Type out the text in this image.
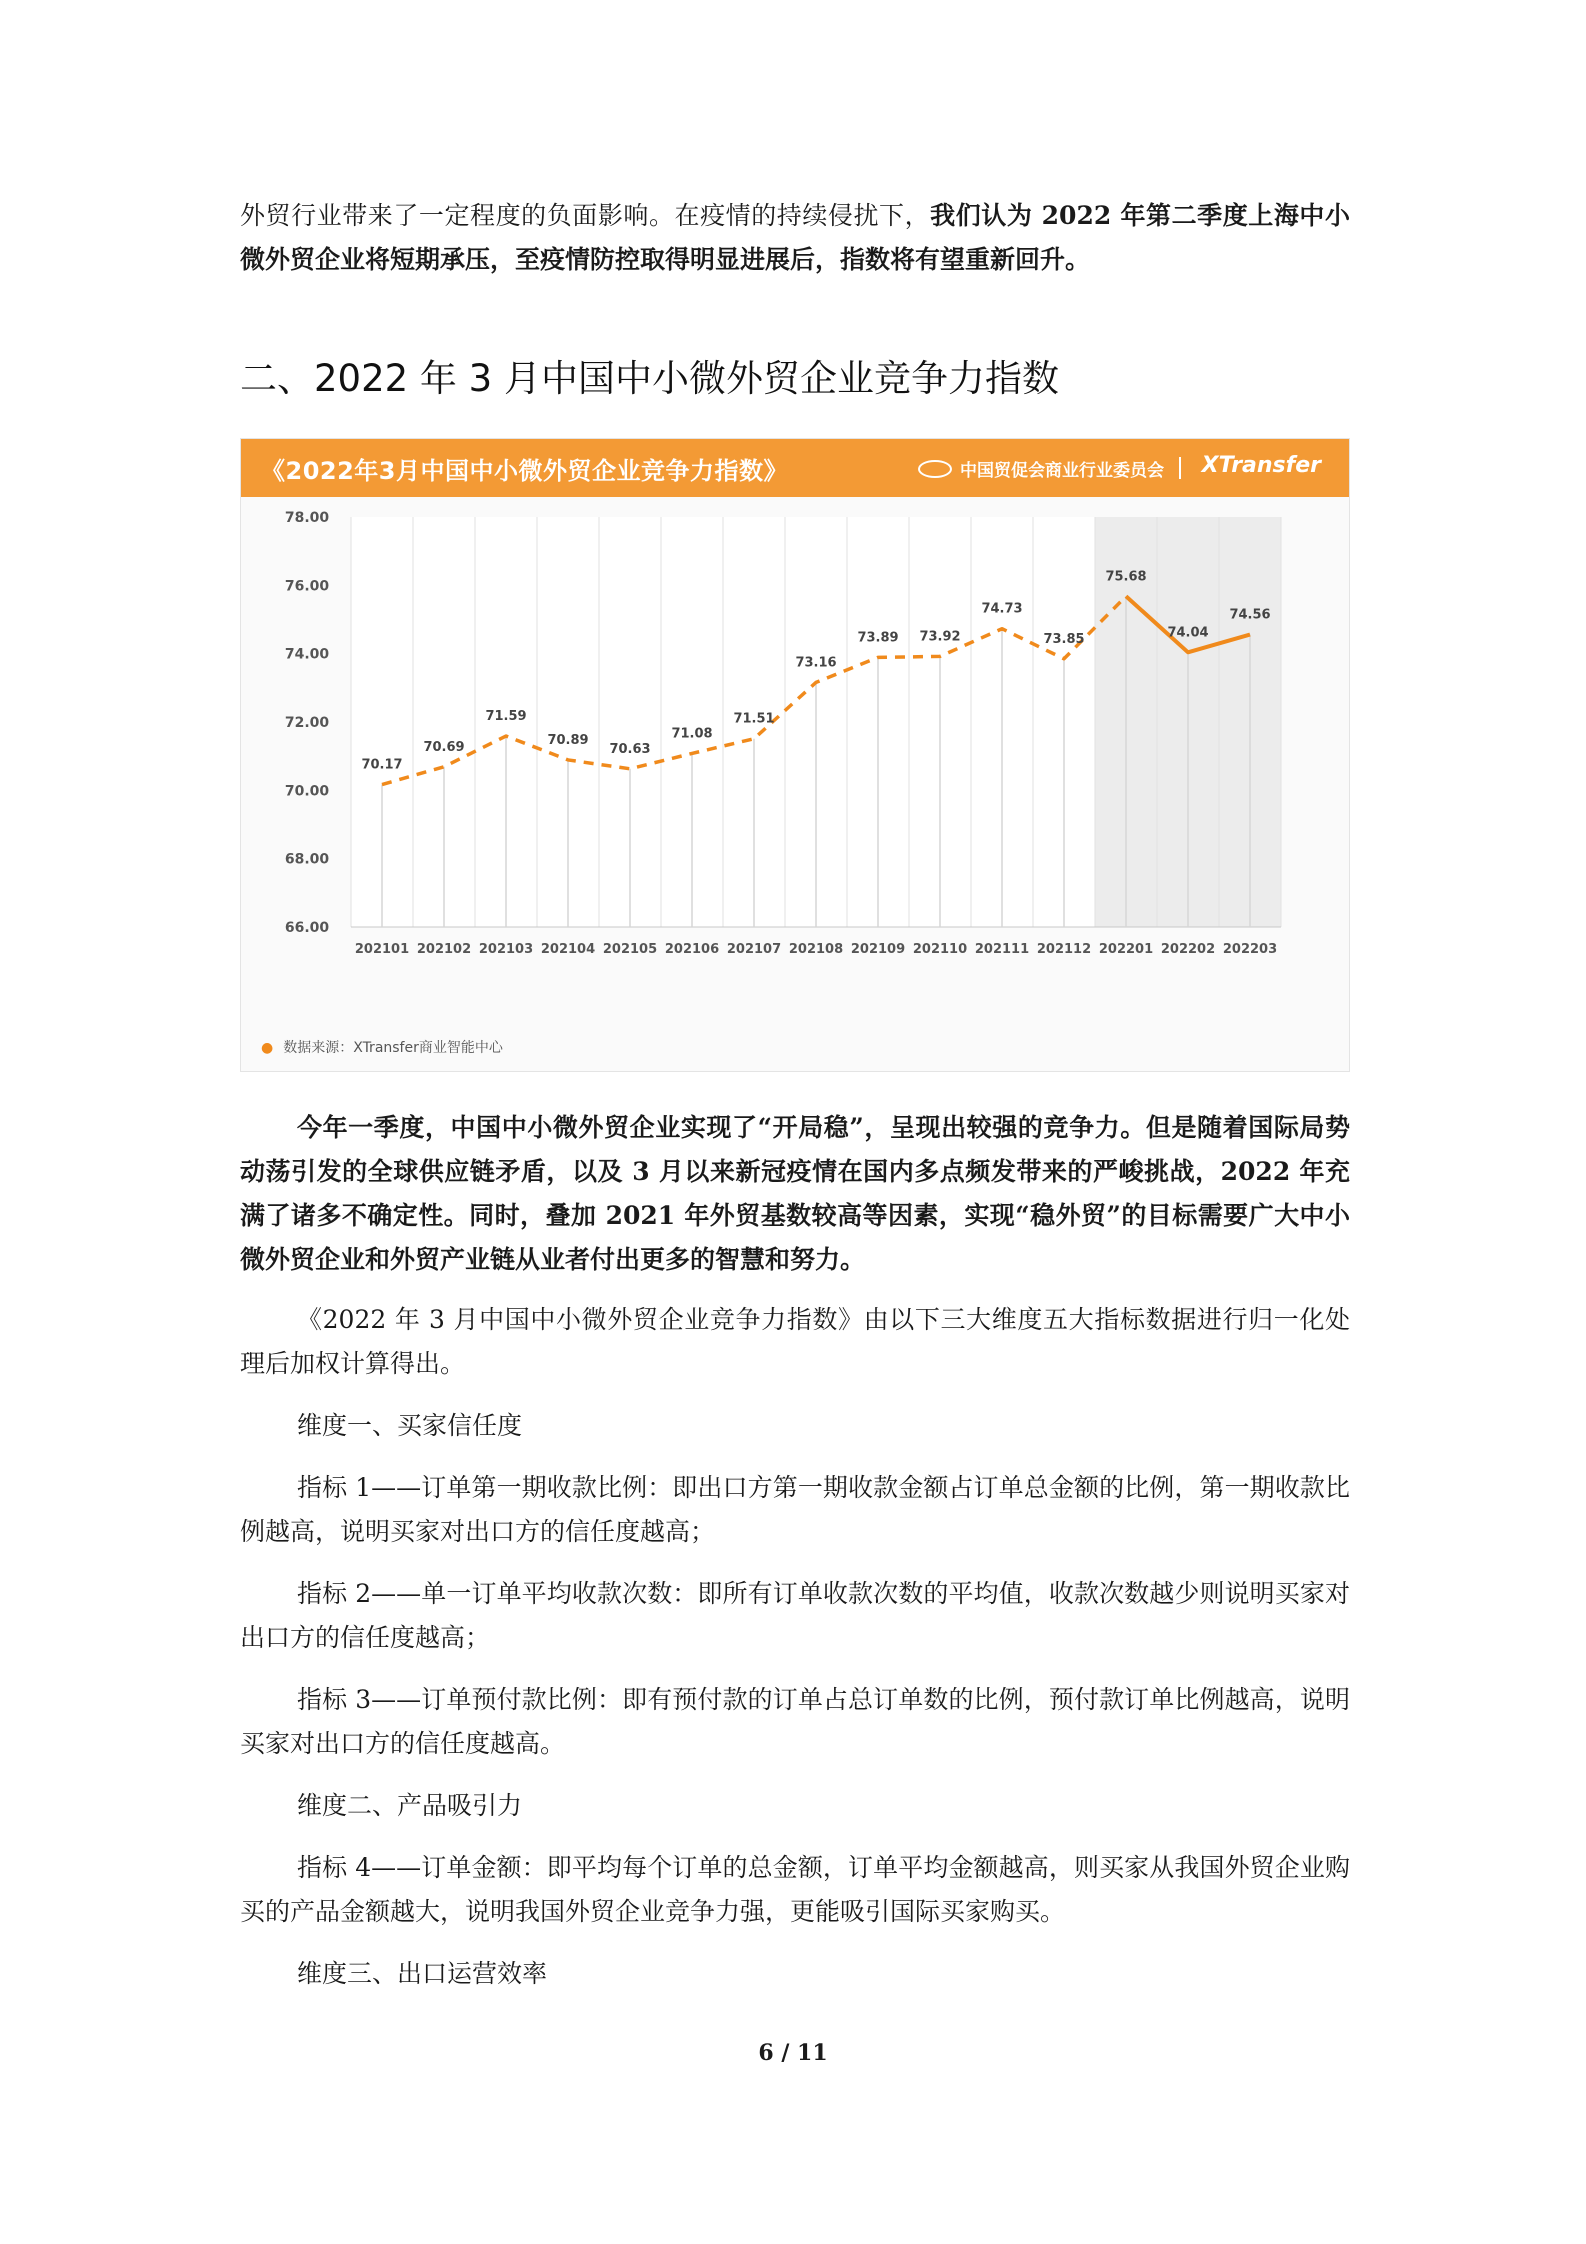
外贸行业带来了一定程度的负面影响。在疫情的持续侵扰下，我们认为 2022 年第二季度上海中小微外贸企业将短期承压，至疫情防控取得明显进展后，指数将有望重新回升。

二、2022 年 3 月中国中小微外贸企业竞争力指数
《2022年3月中国中小微外贸企业竞争力指数》	中国贸促会商业行业委员会 XTransfer
66.00
68.00
70.00
72.00
74.00
76.00
78.00
70.17
70.69
71.59
70.89
70.63
71.08
71.51
73.16
73.89 73.92
74.73
73.85
75.68
74.04
74.56
202101 202102 202103 202104 202105 202106 202107 202108 202109 202110 202111 202112 202201 202202 202203
● 数据来源：XTransfer商业智能中心

今年一季度，中国中小微外贸企业实现了“开局稳”，呈现出较强的竞争力。但是随着国际局势动荡引发的全球供应链矛盾，以及 3 月以来新冠疫情在国内多点频发带来的严峻挑战，2022 年充满了诸多不确定性。同时，叠加 2021 年外贸基数较高等因素，实现“稳外贸”的目标需要广大中小微外贸企业和外贸产业链从业者付出更多的智慧和努力。

《2022 年 3 月中国中小微外贸企业竞争力指数》由以下三大维度五大指标数据进行归一化处理后加权计算得出。

维度一、买家信任度

指标 1——订单第一期收款比例：即出口方第一期收款金额占订单总金额的比例，第一期收款比例越高，说明买家对出口方的信任度越高；

指标 2——单一订单平均收款次数：即所有订单收款次数的平均值，收款次数越少则说明买家对出口方的信任度越高；

指标 3——订单预付款比例：即有预付款的订单占总订单数的比例，预付款订单比例越高，说明买家对出口方的信任度越高。

维度二、产品吸引力

指标 4——订单金额：即平均每个订单的总金额，订单平均金额越高，则买家从我国外贸企业购买的产品金额越大，说明我国外贸企业竞争力强，更能吸引国际买家购买。

维度三、出口运营效率

6 / 11
